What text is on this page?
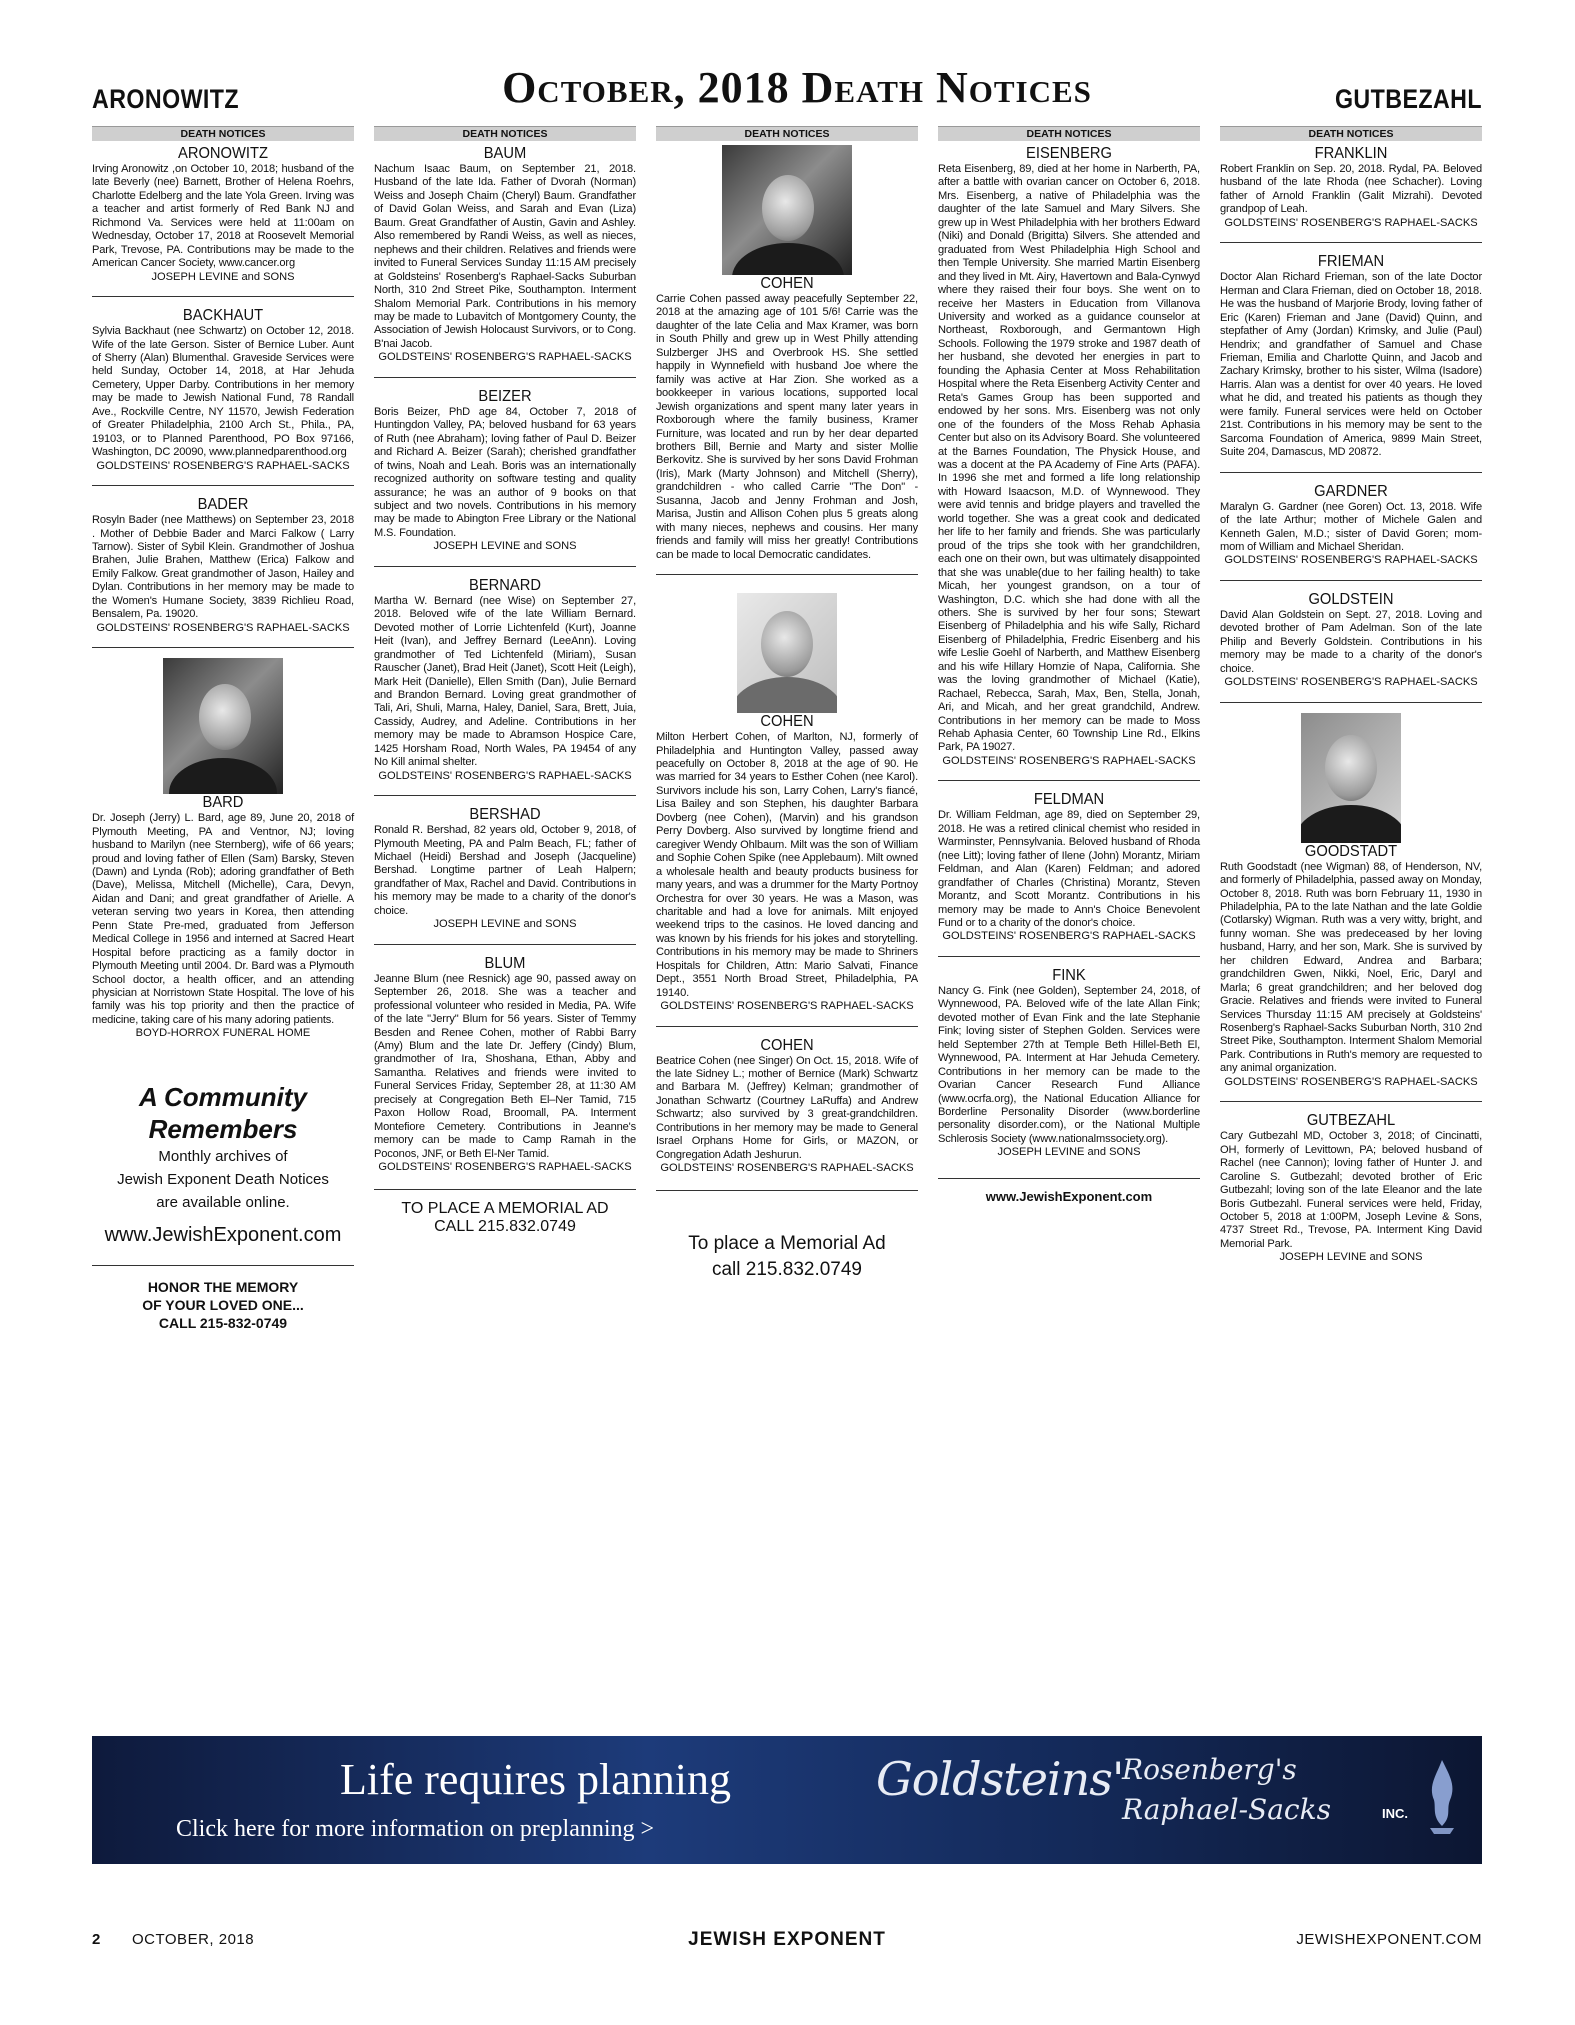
ARONOWITZ	October, 2018 Death Notices	GUTBEZAHL
DEATH NOTICES
ARONOWITZ
Irving Aronowitz ,on October 10, 2018; husband of the late Beverly (nee) Barnett, Brother of Helena Roehrs, Charlotte Edelberg and the late Yola Green. Irving was a teacher and artist formerly of Red Bank NJ and Richmond Va. Services were held at 11:00am on Wednesday, October 17, 2018 at Roosevelt Memorial Park, Trevose, PA. Contributions may be made to the American Cancer Society, www.cancer.org
JOSEPH LEVINE and SONS
BACKHAUT
Sylvia Backhaut (nee Schwartz) on October 12, 2018. Wife of the late Gerson. Sister of Bernice Luber. Aunt of Sherry (Alan) Blumenthal. Graveside Services were held Sunday, October 14, 2018, at Har Jehuda Cemetery, Upper Darby. Contributions in her memory may be made to Jewish National Fund, 78 Randall Ave., Rockville Centre, NY 11570, Jewish Federation of Greater Philadelphia, 2100 Arch St., Phila., PA, 19103, or to Planned Parenthood, PO Box 97166, Washington, DC 20090, www.plannedparenthood.org
GOLDSTEINS' ROSENBERG'S RAPHAEL-SACKS
BADER
Rosyln Bader (nee Matthews) on September 23, 2018 . Mother of Debbie Bader and Marci Falkow ( Larry Tarnow). Sister of Sybil Klein. Grandmother of Joshua Brahen, Julie Brahen, Matthew (Erica) Falkow and Emily Falkow. Great grandmother of Jason, Hailey and Dylan. Contributions in her memory may be made to the Women's Humane Society, 3839 Richlieu Road, Bensalem, Pa. 19020.
GOLDSTEINS' ROSENBERG'S RAPHAEL-SACKS
BARD
Dr. Joseph (Jerry) L. Bard, age 89, June 20, 2018 of Plymouth Meeting, PA and Ventnor, NJ; loving husband to Marilyn (nee Sternberg), wife of 66 years; proud and loving father of Ellen (Sam) Barsky, Steven (Dawn) and Lynda (Rob); adoring grandfather of Beth (Dave), Melissa, Mitchell (Michelle), Cara, Devyn, Aidan and Dani; and great grandfather of Arielle. A veteran serving two years in Korea, then attending Penn State Pre-med, graduated from Jefferson Medical College in 1956 and interned at Sacred Heart Hospital before practicing as a family doctor in Plymouth Meeting until 2004. Dr. Bard was a Plymouth School doctor, a health officer, and an attending physician at Norristown State Hospital. The love of his family was his top priority and then the practice of medicine, taking care of his many adoring patients.
BOYD-HORROX FUNERAL HOME
A Community
Remembers
Monthly archives of
Jewish Exponent Death Notices
are available online.
www.JewishExponent.com
HONOR THE MEMORY
OF YOUR LOVED ONE...
CALL 215-832-0749
DEATH NOTICES
BAUM
Nachum Isaac Baum, on September 21, 2018. Husband of the late Ida. Father of Dvorah (Norman) Weiss and Joseph Chaim (Cheryl) Baum. Grandfather of David Golan Weiss, and Sarah and Evan (Liza) Baum. Great Grandfather of Austin, Gavin and Ashley. Also remembered by Randi Weiss, as well as nieces, nephews and their children. Relatives and friends were invited to Funeral Services Sunday 11:15 AM precisely at Goldsteins' Rosenberg's Raphael-Sacks Suburban North, 310 2nd Street Pike, Southampton. Interment Shalom Memorial Park. Contributions in his memory may be made to Lubavitch of Montgomery County, the Association of Jewish Holocaust Survivors, or to Cong. B'nai Jacob.
GOLDSTEINS' ROSENBERG'S RAPHAEL-SACKS
BEIZER
Boris Beizer, PhD age 84, October 7, 2018 of Huntingdon Valley, PA; beloved husband for 63 years of Ruth (nee Abraham); loving father of Paul D. Beizer and Richard A. Beizer (Sarah); cherished grandfather of twins, Noah and Leah. Boris was an internationally recognized authority on software testing and quality assurance; he was an author of 9 books on that subject and two novels. Contributions in his memory may be made to Abington Free Library or the National M.S. Foundation.
JOSEPH LEVINE and SONS
BERNARD
Martha W. Bernard (nee Wise) on September 27, 2018. Beloved wife of the late William Bernard. Devoted mother of Lorrie Lichtenfeld (Kurt), Joanne Heit (Ivan), and Jeffrey Bernard (LeeAnn). Loving grandmother of Ted Lichtenfeld (Miriam), Susan Rauscher (Janet), Brad Heit (Janet), Scott Heit (Leigh), Mark Heit (Danielle), Ellen Smith (Dan), Julie Bernard and Brandon Bernard. Loving great grandmother of Tali, Ari, Shuli, Marna, Haley, Daniel, Sara, Brett, Juia, Cassidy, Audrey, and Adeline. Contributions in her memory may be made to Abramson Hospice Care, 1425 Horsham Road, North Wales, PA 19454 of any No Kill animal shelter.
GOLDSTEINS' ROSENBERG'S RAPHAEL-SACKS
BERSHAD
Ronald R. Bershad, 82 years old, October 9, 2018, of Plymouth Meeting, PA and Palm Beach, FL; father of Michael (Heidi) Bershad and Joseph (Jacqueline) Bershad. Longtime partner of Leah Halpern; grandfather of Max, Rachel and David. Contributions in his memory may be made to a charity of the donor's choice.
JOSEPH LEVINE and SONS
BLUM
Jeanne Blum (nee Resnick) age 90, passed away on September 26, 2018. She was a teacher and professional volunteer who resided in Media, PA. Wife of the late "Jerry" Blum for 56 years. Sister of Temmy Besden and Renee Cohen, mother of Rabbi Barry (Amy) Blum and the late Dr. Jeffery (Cindy) Blum, grandmother of Ira, Shoshana, Ethan, Abby and Samantha. Relatives and friends were invited to Funeral Services Friday, September 28, at 11:30 AM precisely at Congregation Beth El–Ner Tamid, 715 Paxon Hollow Road, Broomall, PA. Interment Montefiore Cemetery. Contributions in Jeanne's memory can be made to Camp Ramah in the Poconos, JNF, or Beth El-Ner Tamid.
GOLDSTEINS' ROSENBERG'S RAPHAEL-SACKS
TO PLACE A MEMORIAL AD
CALL 215.832.0749
DEATH NOTICES
COHEN
Carrie Cohen passed away peacefully September 22, 2018 at the amazing age of 101 5/6! Carrie was the daughter of the late Celia and Max Kramer, was born in South Philly and grew up in West Philly attending Sulzberger JHS and Overbrook HS. She settled happily in Wynnefield with husband Joe where the family was active at Har Zion. She worked as a bookkeeper in various locations, supported local Jewish organizations and spent many later years in Roxborough where the family business, Kramer Furniture, was located and run by her dear departed brothers Bill, Bernie and Marty and sister Mollie Berkovitz. She is survived by her sons David Frohman (Iris), Mark (Marty Johnson) and Mitchell (Sherry), grandchildren - who called Carrie "The Don" - Susanna, Jacob and Jenny Frohman and Josh, Marisa, Justin and Allison Cohen plus 5 greats along with many nieces, nephews and cousins. Her many friends and family will miss her greatly! Contributions can be made to local Democratic candidates.
COHEN
Milton Herbert Cohen, of Marlton, NJ, formerly of Philadelphia and Huntington Valley, passed away peacefully on October 8, 2018 at the age of 90. He was married for 34 years to Esther Cohen (nee Karol). Survivors include his son, Larry Cohen, Larry's fiancé, Lisa Bailey and son Stephen, his daughter Barbara Dovberg (nee Cohen), (Marvin) and his grandson Perry Dovberg. Also survived by longtime friend and caregiver Wendy Ohlbaum. Milt was the son of William and Sophie Cohen Spike (nee Applebaum). Milt owned a wholesale health and beauty products business for many years, and was a drummer for the Marty Portnoy Orchestra for over 30 years. He was a Mason, was charitable and had a love for animals. Milt enjoyed weekend trips to the casinos. He loved dancing and was known by his friends for his jokes and storytelling. Contributions in his memory may be made to Shriners Hospitals for Children, Attn: Mario Salvati, Finance Dept., 3551 North Broad Street, Philadelphia, PA 19140.
GOLDSTEINS' ROSENBERG'S RAPHAEL-SACKS
COHEN
Beatrice Cohen (nee Singer) On Oct. 15, 2018. Wife of the late Sidney L.; mother of Bernice (Mark) Schwartz and Barbara M. (Jeffrey) Kelman; grandmother of Jonathan Schwartz (Courtney LaRuffa) and Andrew Schwartz; also survived by 3 great-grandchildren. Contributions in her memory may be made to General Israel Orphans Home for Girls, or MAZON, or Congregation Adath Jeshurun.
GOLDSTEINS' ROSENBERG'S RAPHAEL-SACKS
To place a Memorial Ad
call 215.832.0749
DEATH NOTICES
EISENBERG
Reta Eisenberg, 89, died at her home in Narberth, PA, after a battle with ovarian cancer on October 6, 2018. Mrs. Eisenberg, a native of Philadelphia was the daughter of the late Samuel and Mary Silvers. She grew up in West Philadelphia with her brothers Edward (Niki) and Donald (Brigitta) Silvers. She attended and graduated from West Philadelphia High School and then Temple University. She married Martin Eisenberg and they lived in Mt. Airy, Havertown and Bala-Cynwyd where they raised their four boys. She went on to receive her Masters in Education from Villanova University and worked as a guidance counselor at Northeast, Roxborough, and Germantown High Schools. Following the 1979 stroke and 1987 death of her husband, she devoted her energies in part to founding the Aphasia Center at Moss Rehabilitation Hospital where the Reta Eisenberg Activity Center and Reta's Games Group has been supported and endowed by her sons. Mrs. Eisenberg was not only one of the founders of the Moss Rehab Aphasia Center but also on its Advisory Board. She volunteered at the Barnes Foundation, The Physick House, and was a docent at the PA Academy of Fine Arts (PAFA). In 1996 she met and formed a life long relationship with Howard Isaacson, M.D. of Wynnewood. They were avid tennis and bridge players and travelled the world together. She was a great cook and dedicated her life to her family and friends. She was particularly proud of the trips she took with her grandchildren, each one on their own, but was ultimately disappointed that she was unable(due to her failing health) to take Micah, her youngest grandson, on a tour of Washington, D.C. which she had done with all the others. She is survived by her four sons; Stewart Eisenberg of Philadelphia and his wife Sally, Richard Eisenberg of Philadelphia, Fredric Eisenberg and his wife Leslie Goehl of Narberth, and Matthew Eisenberg and his wife Hillary Homzie of Napa, California. She was the loving grandmother of Michael (Katie), Rachael, Rebecca, Sarah, Max, Ben, Stella, Jonah, Ari, and Micah, and her great grandchild, Andrew. Contributions in her memory can be made to Moss Rehab Aphasia Center, 60 Township Line Rd., Elkins Park, PA 19027.
GOLDSTEINS' ROSENBERG'S RAPHAEL-SACKS
FELDMAN
Dr. William Feldman, age 89, died on September 29, 2018. He was a retired clinical chemist who resided in Warminster, Pennsylvania. Beloved husband of Rhoda (nee Litt); loving father of Ilene (John) Morantz, Miriam Feldman, and Alan (Karen) Feldman; and adored grandfather of Charles (Christina) Morantz, Steven Morantz, and Scott Morantz. Contributions in his memory may be made to Ann's Choice Benevolent Fund or to a charity of the donor's choice.
GOLDSTEINS' ROSENBERG'S RAPHAEL-SACKS
FINK
Nancy G. Fink (nee Golden), September 24, 2018, of Wynnewood, PA. Beloved wife of the late Allan Fink; devoted mother of Evan Fink and the late Stephanie Fink; loving sister of Stephen Golden. Services were held September 27th at Temple Beth Hillel-Beth El, Wynnewood, PA. Interment at Har Jehuda Cemetery. Contributions in her memory can be made to the Ovarian Cancer Research Fund Alliance (www.ocrfa.org), the National Education Alliance for Borderline Personality Disorder (www.borderline personality disorder.com), or the National Multiple Schlerosis Society (www.nationalmssociety.org).
JOSEPH LEVINE and SONS
www.JewishExponent.com
DEATH NOTICES
FRANKLIN
Robert Franklin on Sep. 20, 2018. Rydal, PA. Beloved husband of the late Rhoda (nee Schacher). Loving father of Arnold Franklin (Galit Mizrahi). Devoted grandpop of Leah.
GOLDSTEINS' ROSENBERG'S RAPHAEL-SACKS
FRIEMAN
Doctor Alan Richard Frieman, son of the late Doctor Herman and Clara Frieman, died on October 18, 2018. He was the husband of Marjorie Brody, loving father of Eric (Karen) Frieman and Jane (David) Quinn, and stepfather of Amy (Jordan) Krimsky, and Julie (Paul) Hendrix; and grandfather of Samuel and Chase Frieman, Emilia and Charlotte Quinn, and Jacob and Zachary Krimsky, brother to his sister, Wilma (Isadore) Harris. Alan was a dentist for over 40 years. He loved what he did, and treated his patients as though they were family. Funeral services were held on October 21st. Contributions in his memory may be sent to the Sarcoma Foundation of America, 9899 Main Street, Suite 204, Damascus, MD 20872.
GARDNER
Maralyn G. Gardner (nee Goren) Oct. 13, 2018. Wife of the late Arthur; mother of Michele Galen and Kenneth Galen, M.D.; sister of David Goren; mom-mom of William and Michael Sheridan.
GOLDSTEINS' ROSENBERG'S RAPHAEL-SACKS
GOLDSTEIN
David Alan Goldstein on Sept. 27, 2018. Loving and devoted brother of Pam Adelman. Son of the late Philip and Beverly Goldstein. Contributions in his memory may be made to a charity of the donor's choice.
GOLDSTEINS' ROSENBERG'S RAPHAEL-SACKS
GOODSTADT
Ruth Goodstadt (nee Wigman) 88, of Henderson, NV, and formerly of Philadelphia, passed away on Monday, October 8, 2018. Ruth was born February 11, 1930 in Philadelphia, PA to the late Nathan and the late Goldie (Cotlarsky) Wigman. Ruth was a very witty, bright, and funny woman. She was predeceased by her loving husband, Harry, and her son, Mark. She is survived by her children Edward, Andrea and Barbara; grandchildren Gwen, Nikki, Noel, Eric, Daryl and Marla; 6 great grandchildren; and her beloved dog Gracie. Relatives and friends were invited to Funeral Services Thursday 11:15 AM precisely at Goldsteins' Rosenberg's Raphael-Sacks Suburban North, 310 2nd Street Pike, Southampton. Interment Shalom Memorial Park. Contributions in Ruth's memory are requested to any animal organization.
GOLDSTEINS' ROSENBERG'S RAPHAEL-SACKS
GUTBEZAHL
Cary Gutbezahl MD, October 3, 2018; of Cincinatti, OH, formerly of Levittown, PA; beloved husband of Rachel (nee Cannon); loving father of Hunter J. and Caroline S. Gutbezahl; devoted brother of Eric Gutbezahl; loving son of the late Eleanor and the late Boris Gutbezahl. Funeral services were held, Friday, October 5, 2018 at 1:00PM, Joseph Levine & Sons, 4737 Street Rd., Trevose, PA. Interment King David Memorial Park.
JOSEPH LEVINE and SONS
Life requires planning
Click here for more information on preplanning >
Goldsteins'
Rosenberg's
Raphael-Sacks	INC.
2 OCTOBER, 2018	JEWISH EXPONENT	JEWISHEXPONENT.COM
